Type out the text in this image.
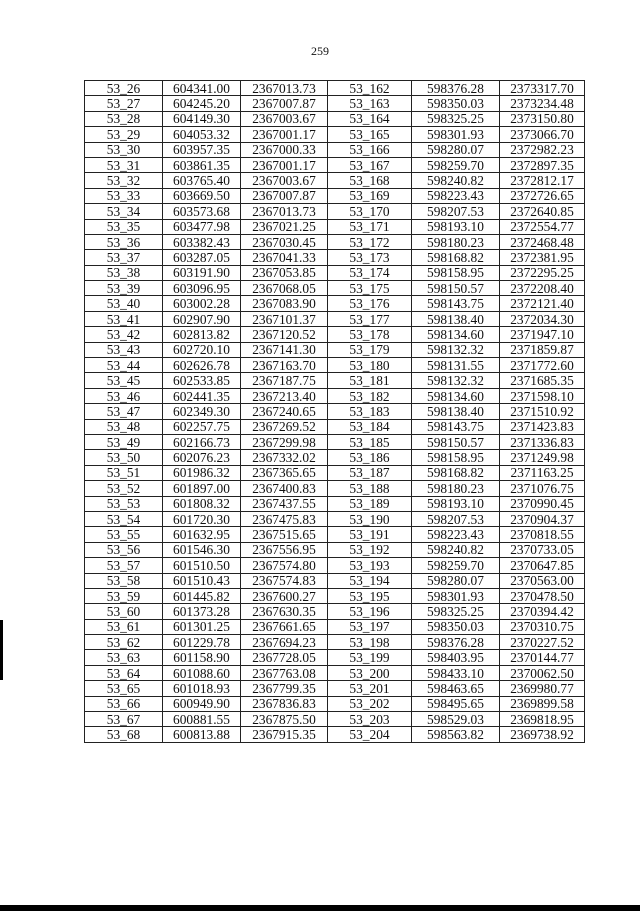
259
53_26	604341.00	2367013.73	53_162	598376.28	2373317.70
53_27	604245.20	2367007.87	53_163	598350.03	2373234.48
53_28	604149.30	2367003.67	53_164	598325.25	2373150.80
53_29	604053.32	2367001.17	53_165	598301.93	2373066.70
53_30	603957.35	2367000.33	53_166	598280.07	2372982.23
53_31	603861.35	2367001.17	53_167	598259.70	2372897.35
53_32	603765.40	2367003.67	53_168	598240.82	2372812.17
53_33	603669.50	2367007.87	53_169	598223.43	2372726.65
53_34	603573.68	2367013.73	53_170	598207.53	2372640.85
53_35	603477.98	2367021.25	53_171	598193.10	2372554.77
53_36	603382.43	2367030.45	53_172	598180.23	2372468.48
53_37	603287.05	2367041.33	53_173	598168.82	2372381.95
53_38	603191.90	2367053.85	53_174	598158.95	2372295.25
53_39	603096.95	2367068.05	53_175	598150.57	2372208.40
53_40	603002.28	2367083.90	53_176	598143.75	2372121.40
53_41	602907.90	2367101.37	53_177	598138.40	2372034.30
53_42	602813.82	2367120.52	53_178	598134.60	2371947.10
53_43	602720.10	2367141.30	53_179	598132.32	2371859.87
53_44	602626.78	2367163.70	53_180	598131.55	2371772.60
53_45	602533.85	2367187.75	53_181	598132.32	2371685.35
53_46	602441.35	2367213.40	53_182	598134.60	2371598.10
53_47	602349.30	2367240.65	53_183	598138.40	2371510.92
53_48	602257.75	2367269.52	53_184	598143.75	2371423.83
53_49	602166.73	2367299.98	53_185	598150.57	2371336.83
53_50	602076.23	2367332.02	53_186	598158.95	2371249.98
53_51	601986.32	2367365.65	53_187	598168.82	2371163.25
53_52	601897.00	2367400.83	53_188	598180.23	2371076.75
53_53	601808.32	2367437.55	53_189	598193.10	2370990.45
53_54	601720.30	2367475.83	53_190	598207.53	2370904.37
53_55	601632.95	2367515.65	53_191	598223.43	2370818.55
53_56	601546.30	2367556.95	53_192	598240.82	2370733.05
53_57	601510.50	2367574.80	53_193	598259.70	2370647.85
53_58	601510.43	2367574.83	53_194	598280.07	2370563.00
53_59	601445.82	2367600.27	53_195	598301.93	2370478.50
53_60	601373.28	2367630.35	53_196	598325.25	2370394.42
53_61	601301.25	2367661.65	53_197	598350.03	2370310.75
53_62	601229.78	2367694.23	53_198	598376.28	2370227.52
53_63	601158.90	2367728.05	53_199	598403.95	2370144.77
53_64	601088.60	2367763.08	53_200	598433.10	2370062.50
53_65	601018.93	2367799.35	53_201	598463.65	2369980.77
53_66	600949.90	2367836.83	53_202	598495.65	2369899.58
53_67	600881.55	2367875.50	53_203	598529.03	2369818.95
53_68	600813.88	2367915.35	53_204	598563.82	2369738.92
